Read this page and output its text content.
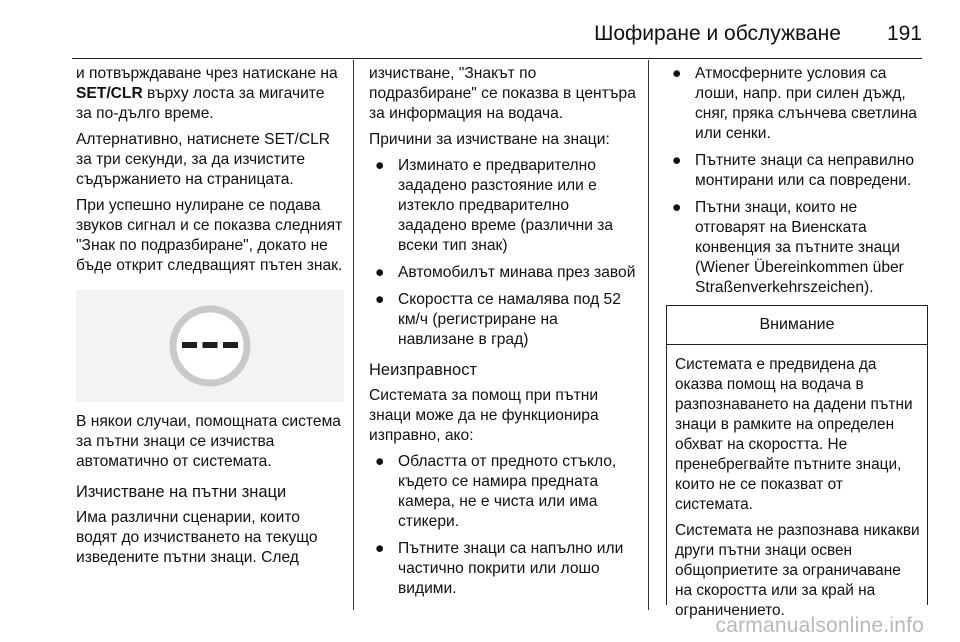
Шофиране и обслужване 191

и потвърждаване чрез натискане на SET/CLR върху лоста за мигачите за по-дълго време.

Алтернативно, натиснете SET/CLR за три секунди, за да изчистите съдържанието на страницата.

При успешно нулиране се подава звуков сигнал и се показва следният "Знак по подразбиране", докато не бъде открит следващият пътен знак.

В някои случаи, помощната система за пътни знаци се изчиства автоматично от системата.

Изчистване на пътни знаци

Има различни сценарии, които водят до изчистването на текущо изведените пътни знаци. След

изчистване, "Знакът по подразбиране" се показва в центъра за информация на водача.

Причини за изчистване на знаци:

● Изминато е предварително зададено разстояние или е изтекло предварително зададено време (различни за всеки тип знак)
● Автомобилът минава през завой
● Скоростта се намалява под 52 км/ч (регистриране на навлизане в град)
Неизправност

Системата за помощ при пътни знаци може да не функционира изправно, ако:

● Областта от предното стъкло, където се намира предната камера, не е чиста или има стикери.
● Пътните знаци са напълно или частично покрити или лошо видими.
● Атмосферните условия са лоши, напр. при силен дъжд, сняг, пряка слънчева светлина или сенки.
● Пътните знаци са неправилно монтирани или са повредени.
● Пътни знаци, които не отговарят на Виенската конвенция за пътните знаци (Wiener Übereinkommen über Straßenverkehrszeichen).
Внимание

Системата е предвидена да оказва помощ на водача в разпознаването на дадени пътни знаци в рамките на определен обхват на скоростта. Не пренебрегвайте пътните знаци, които не се показват от системата.

Системата не разпознава никакви други пътни знаци освен общоприетите за ограничаване на скоростта или за край на ограничението.

carmanualsonline.info
